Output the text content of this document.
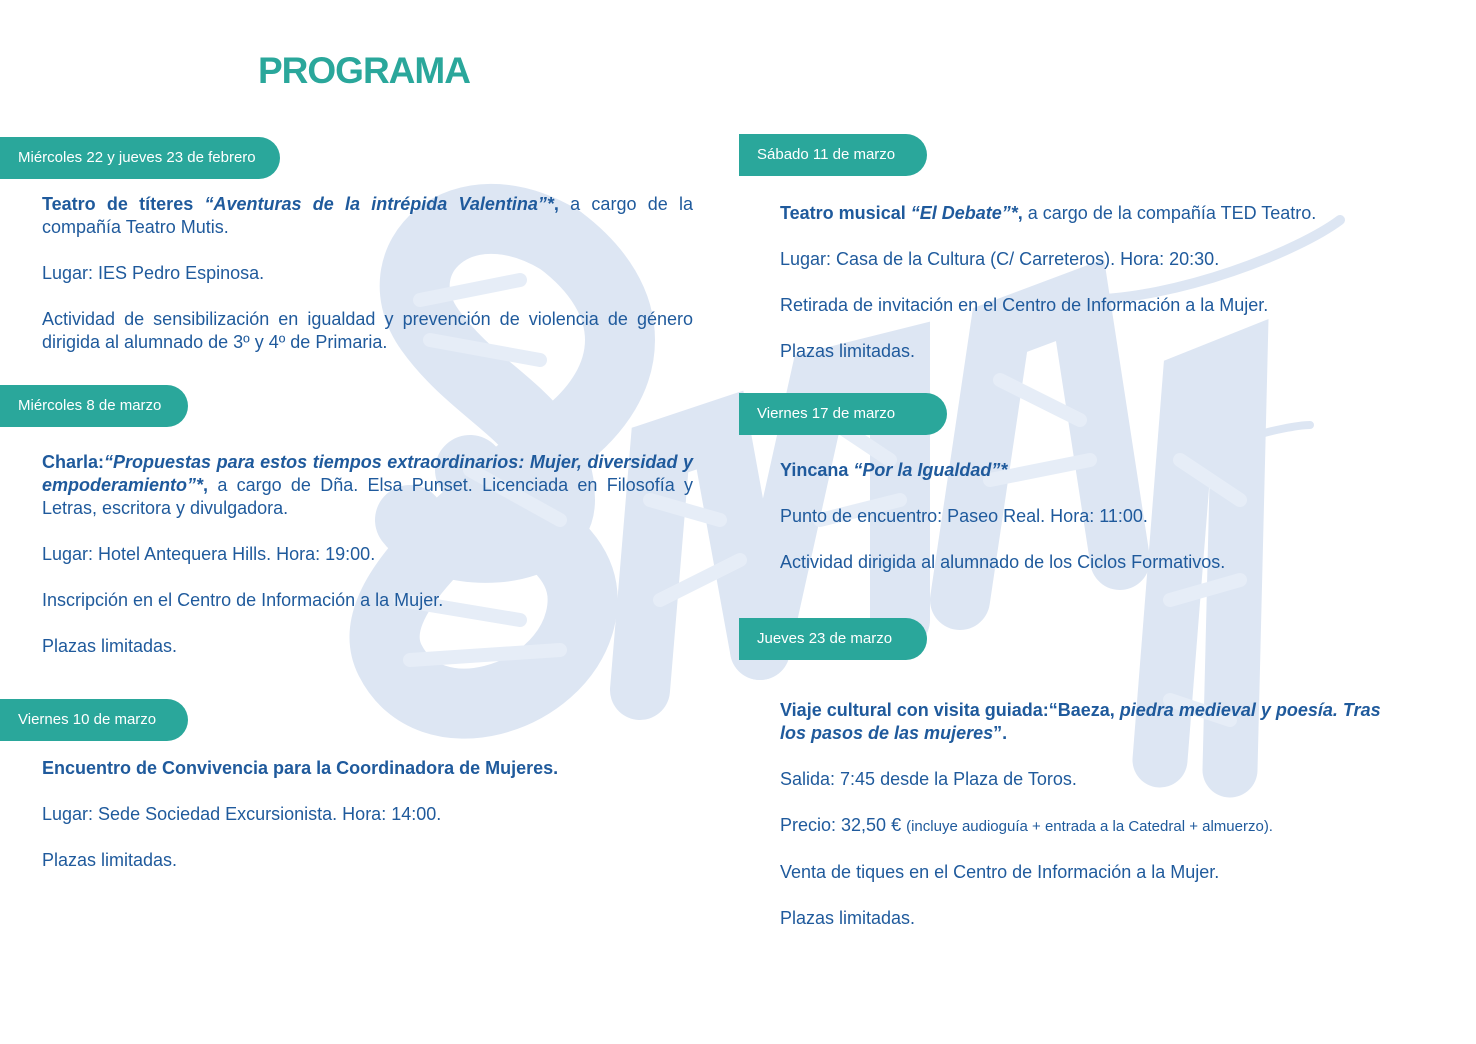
PROGRAMA
Miércoles 22 y jueves 23 de febrero

Teatro de títeres “Aventuras de la intrépida Valentina”*, a cargo de la compañía Teatro Mutis.

Lugar: IES Pedro Espinosa.

Actividad de sensibilización en igualdad y prevención de violencia de género dirigida al alumnado de 3º y 4º de Primaria.

Miércoles 8 de marzo

Charla:“Propuestas para estos tiempos extraordinarios: Mujer, diversidad y empoderamiento”*, a cargo de Dña. Elsa Punset. Licenciada en Filosofía y Letras, escritora y divulgadora.

Lugar: Hotel Antequera Hills. Hora: 19:00.

Inscripción en el Centro de Información a la Mujer.

Plazas limitadas.

Viernes 10 de marzo

Encuentro de Convivencia para la Coordinadora de Mujeres.

Lugar: Sede Sociedad Excursionista. Hora: 14:00.

Plazas limitadas.

Sábado 11 de marzo

Teatro musical “El Debate”*, a cargo de la compañía TED Teatro.

Lugar: Casa de la Cultura (C/ Carreteros). Hora: 20:30.

Retirada de invitación en el Centro de Información a la Mujer.

Plazas limitadas.

Viernes 17 de marzo

Yincana “Por la Igualdad”*

Punto de encuentro: Paseo Real. Hora: 11:00.

Actividad dirigida al alumnado de los Ciclos Formativos.

Jueves 23 de marzo

Viaje cultural con visita guiada:“Baeza, piedra medieval y poesía. Tras los pasos de las mujeres”.

Salida: 7:45 desde la Plaza de Toros.

Precio: 32,50 € (incluye audioguía + entrada a la Catedral + almuerzo).

Venta de tiques en el Centro de Información a la Mujer.

Plazas limitadas.
